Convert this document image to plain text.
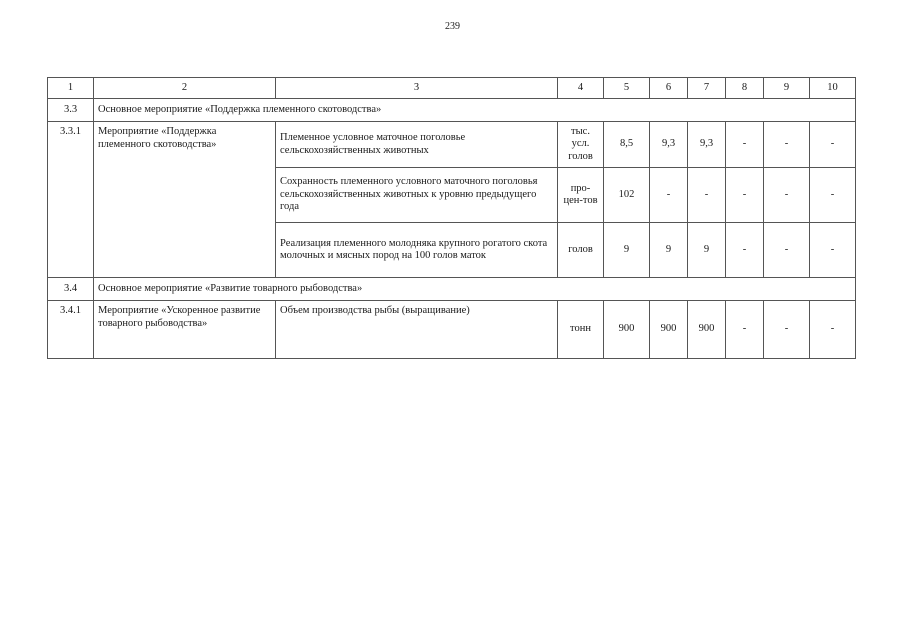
239
1	2	3	4	5	6	7	8	9	10
3.3	Основное мероприятие «Поддержка племенного скотоводства»								
3.3.1	Мероприятие «Поддержка племенного скотоводства»	Племенное условное маточное поголовье сельскохозяйственных животных	тыс. усл. голов	8,5	9,3	9,3	-	-	-
		Сохранность племенного условного маточного поголовья сельскохозяйственных животных к уровню предыдущего года	про-цен-тов	102	-	-	-	-	-
		Реализация племенного молодняка крупного рогатого скота молочных и мясных пород на 100 голов маток	голов	9	9	9	-	-	-
3.4	Основное мероприятие «Развитие товарного рыбоводства»								
3.4.1	Мероприятие «Ускоренное развитие товарного рыбоводства»	Объем производства рыбы (выращивание)	тонн	900	900	900	-	-	-
